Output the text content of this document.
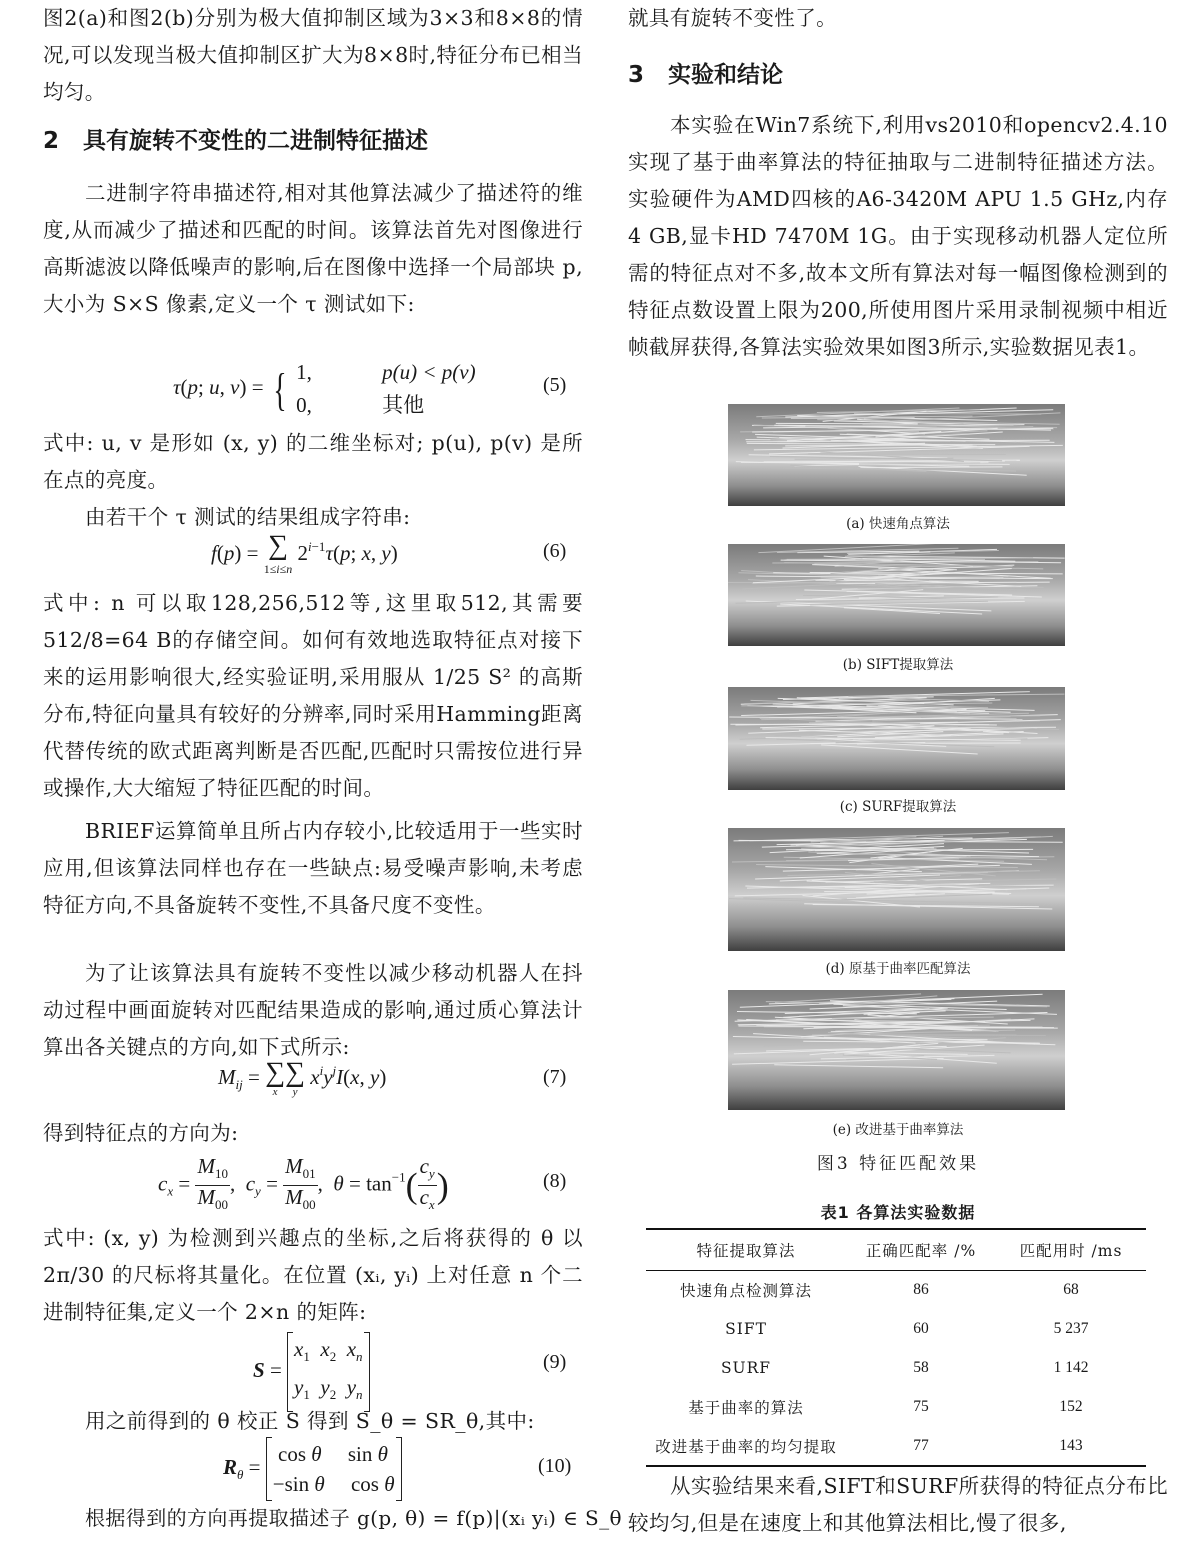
图2(a)和图2(b)分别为极大值抑制区域为3×3和8×8的情况,可以发现当极大值抑制区扩大为8×8时,特征分布已相当均匀。

2 具有旋转不变性的二进制特征描述

二进制字符串描述符,相对其他算法减少了描述符的维度,从而减少了描述和匹配的时间。该算法首先对图像进行高斯滤波以降低噪声的影响,后在图像中选择一个局部块 p,大小为 S×S 像素,定义一个 τ 测试如下:

τ(p; u, v) = { 1,	p(u) < p(v)
0,	其他
(5)

式中: u, v 是形如 (x, y) 的二维坐标对; p(u), p(v) 是所在点的亮度。

由若干个 τ 测试的结果组成字符串:

f(p) = ∑
1≤i≤n
$2^{i-1}\tau(p$; x, y)	(6)

式中: n 可以取128,256,512等,这里取512,其需要512/8=64 B的存储空间。如何有效地选取特征点对接下来的运用影响很大,经实验证明,采用服从 1/25 S² 的高斯分布,特征向量具有较好的分辨率,同时采用Hamming距离代替传统的欧式距离判断是否匹配,匹配时只需按位进行异或操作,大大缩短了特征匹配的时间。

BRIEF运算简单且所占内存较小,比较适用于一些实时应用,但该算法同样也存在一些缺点:易受噪声影响,未考虑特征方向,不具备旋转不变性,不具备尺度不变性。

为了让该算法具有旋转不变性以减少移动机器人在抖动过程中画面旋转对匹配结果造成的影响,通过质心算法计算出各关键点的方向,如下式所示:

$M_{ij}$ = ∑
x
∑
y
$x^iy^jI(x$, y)	(7)

得到特征点的方向为:

$c_x = \frac{M_{10}}{M_{00}}$ ,  $c_y = \frac{M_{01}}{M_{00}}$ ,  $\theta = \tan^{-1}( \frac{c_y}{c_x}$ )	(8)

式中: (x, y) 为检测到兴趣点的坐标,之后将获得的 θ 以 2π/30 的尺标将其量化。在位置 (xᵢ, yᵢ) 上对任意 n 个二进制特征集,定义一个 2×n 的矩阵:

S =
$x_1$ $x_2$ $x_n$
$y_1$ $y_2$ $y_n$
(9)

用之前得到的 θ 校正 S 得到 S_θ = SR_θ,其中:

$R_\theta$ =
cos θ     sin θ
−sin θ     cos θ
(10)

根据得到的方向再提取描述子 g(p, θ) = f(p)|(xᵢ yᵢ) ∈ S_θ

就具有旋转不变性了。

3 实验和结论

本实验在Win7系统下,利用vs2010和opencv2.4.10实现了基于曲率算法的特征抽取与二进制特征描述方法。实验硬件为AMD四核的A6-3420M APU 1.5 GHz,内存4 GB,显卡HD 7470M 1G。由于实现移动机器人定位所需的特征点对不多,故本文所有算法对每一幅图像检测到的特征点数设置上限为200,所使用图片采用录制视频中相近帧截屏获得,各算法实验效果如图3所示,实验数据见表1。

(a) 快速角点算法
(b) SIFT提取算法
(c) SURF提取算法
(d) 原基于曲率匹配算法
(e) 改进基于曲率算法
图3 特征匹配效果
表1 各算法实验数据
特征提取算法	正确匹配率 /%	匹配用时 /ms
快速角点检测算法	86	68
SIFT	60	5 237
SURF	58	1 142
基于曲率的算法	75	152
改进基于曲率的均匀提取	77	143

从实验结果来看,SIFT和SURF所获得的特征点分布比较均匀,但是在速度上和其他算法相比,慢了很多,
